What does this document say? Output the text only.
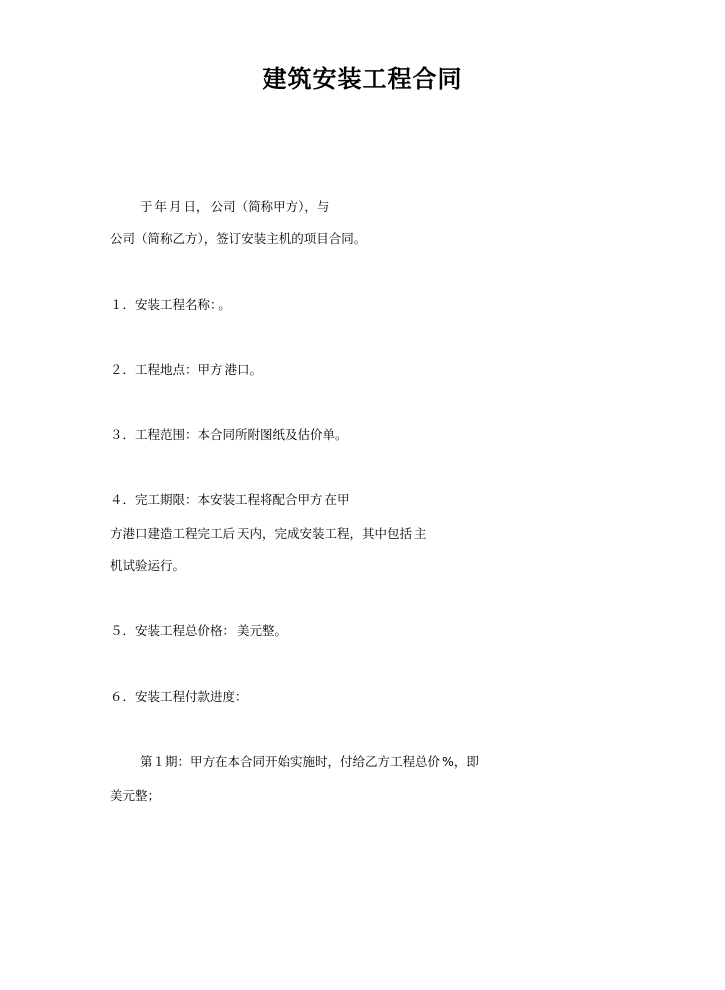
建筑安装工程合同
于 年 月 日， 公司（简称甲方），与
公司（简称乙方），签订安装主机的项目合同。
１．安装工程名称： 。
２．工程地点：甲方 港口。
３．工程范围：本合同所附图纸及估价单。
４．完工期限：本安装工程将配合甲方 在甲
方港口建造工程完工后 天内，完成安装工程，其中包括 主
机试验运行。
５．安装工程总价格： 美元整。
６．安装工程付款进度：
第１期：甲方在本合同开始实施时，付给乙方工程总价 %，即
美元整；
